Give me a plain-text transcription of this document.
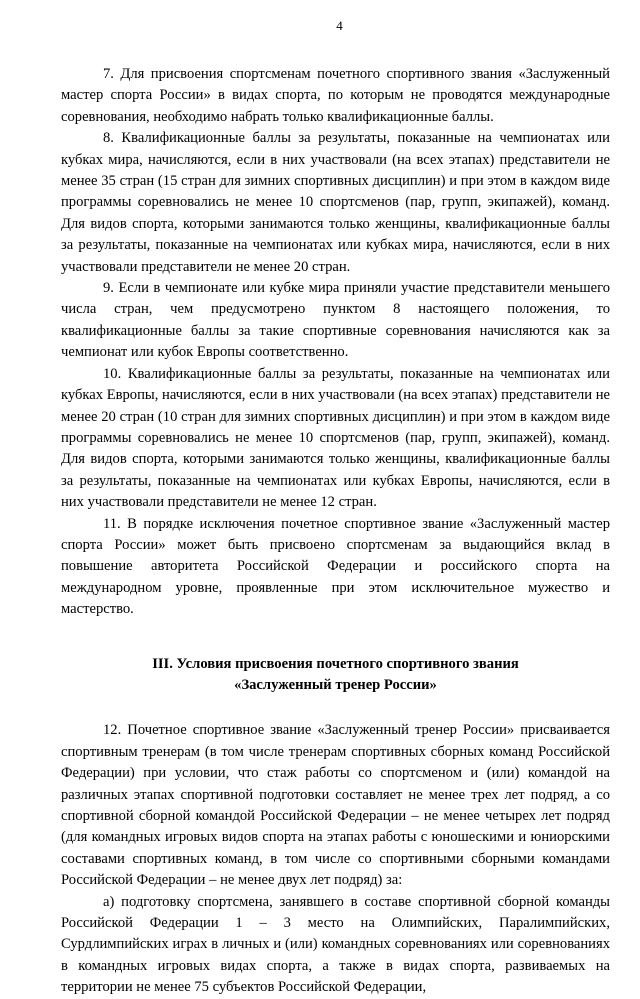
4

7. Для присвоения спортсменам почетного спортивного звания «Заслуженный мастер спорта России» в видах спорта, по которым не проводятся международные соревнования, необходимо набрать только квалификационные баллы.

8. Квалификационные баллы за результаты, показанные на чемпионатах или кубках мира, начисляются, если в них участвовали (на всех этапах) представители не менее 35 стран (15 стран для зимних спортивных дисциплин) и при этом в каждом виде программы соревновались не менее 10 спортсменов (пар, групп, экипажей), команд. Для видов спорта, которыми занимаются только женщины, квалификационные баллы за результаты, показанные на чемпионатах или кубках мира, начисляются, если в них участвовали представители не менее 20 стран.

9. Если в чемпионате или кубке мира приняли участие представители меньшего числа стран, чем предусмотрено пунктом 8 настоящего положения, то квалификационные баллы за такие спортивные соревнования начисляются как за чемпионат или кубок Европы соответственно.

10. Квалификационные баллы за результаты, показанные на чемпионатах или кубках Европы, начисляются, если в них участвовали (на всех этапах) представители не менее 20 стран (10 стран для зимних спортивных дисциплин) и при этом в каждом виде программы соревновались не менее 10 спортсменов (пар, групп, экипажей), команд. Для видов спорта, которыми занимаются только женщины, квалификационные баллы за результаты, показанные на чемпионатах или кубках Европы, начисляются, если в них участвовали представители не менее 12 стран.

11. В порядке исключения почетное спортивное звание «Заслуженный мастер спорта России» может быть присвоено спортсменам за выдающийся вклад в повышение авторитета Российской Федерации и российского спорта на международном уровне, проявленные при этом исключительное мужество и мастерство.

III. Условия присвоения почетного спортивного звания
«Заслуженный тренер России»

12. Почетное спортивное звание «Заслуженный тренер России» присваивается спортивным тренерам (в том числе тренерам спортивных сборных команд Российской Федерации) при условии, что стаж работы со спортсменом и (или) командой на различных этапах спортивной подготовки составляет не менее трех лет подряд, а со спортивной сборной командой Российской Федерации – не менее четырех лет подряд (для командных игровых видов спорта на этапах работы с юношескими и юниорскими составами спортивных команд, в том числе со спортивными сборными командами Российской Федерации – не менее двух лет подряд) за:

а) подготовку спортсмена, занявшего в составе спортивной сборной команды Российской Федерации 1 – 3 место на Олимпийских, Паралимпийских, Сурдлимпийских играх в личных и (или) командных соревнованиях или соревнованиях в командных игровых видах спорта, а также в видах спорта, развиваемых на территории не менее 75 субъектов Российской Федерации,
